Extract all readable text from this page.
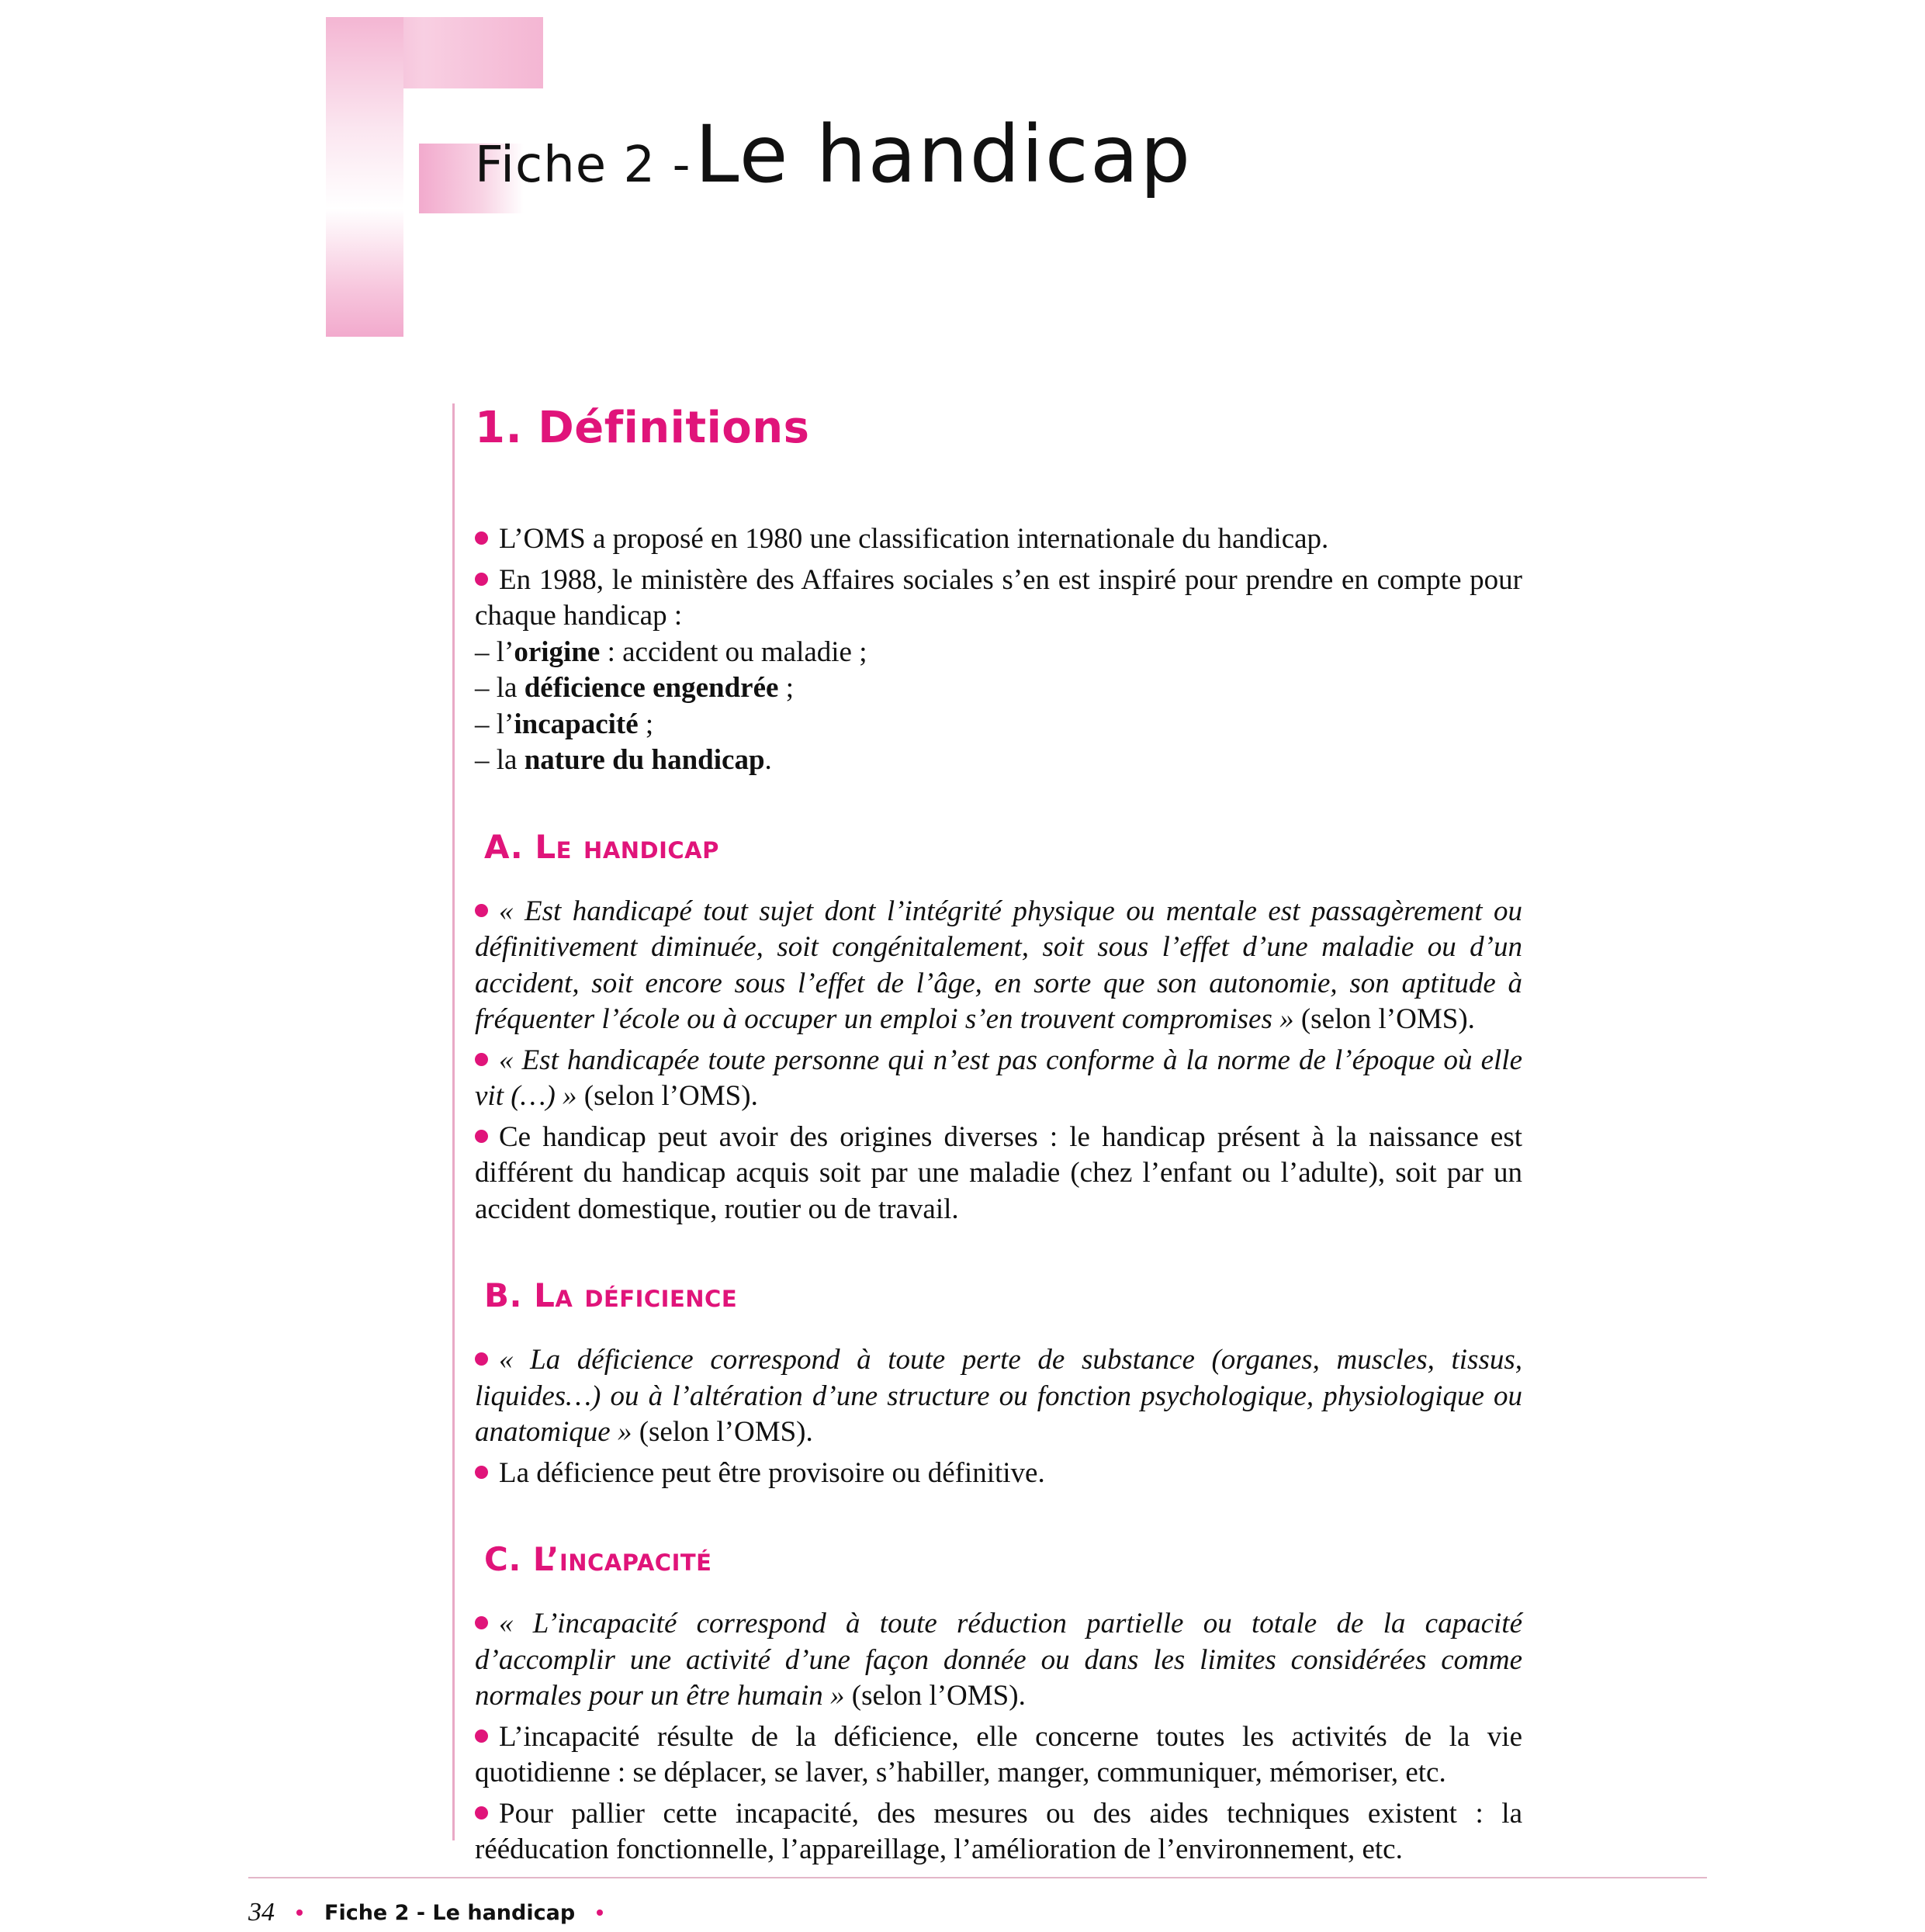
Fiche 2 - Le handicap
1. Définitions

L’OMS a proposé en 1980 une classification internationale du handicap.

En 1988, le ministère des Affaires sociales s’en est inspiré pour prendre en compte pour chaque handicap :

– l’origine : accident ou maladie ;

– la déficience engendrée ;

– l’incapacité ;

– la nature du handicap.

A. Le handicap

« Est handicapé tout sujet dont l’intégrité physique ou mentale est passagèrement ou définitivement diminuée, soit congénitalement, soit sous l’effet d’une maladie ou d’un accident, soit encore sous l’effet de l’âge, en sorte que son autonomie, son aptitude à fréquenter l’école ou à occuper un emploi s’en trouvent compromises » (selon l’OMS).

« Est handicapée toute personne qui n’est pas conforme à la norme de l’époque où elle vit (…) » (selon l’OMS).

Ce handicap peut avoir des origines diverses : le handicap présent à la naissance est différent du handicap acquis soit par une maladie (chez l’enfant ou l’adulte), soit par un accident domestique, routier ou de travail.

B. La déficience

« La déficience correspond à toute perte de substance (organes, muscles, tissus, liquides…) ou à l’altération d’une structure ou fonction psychologique, physiologique ou anatomique » (selon l’OMS).

La déficience peut être provisoire ou définitive.

C. L’incapacité

« L’incapacité correspond à toute réduction partielle ou totale de la capacité d’accomplir une activité d’une façon donnée ou dans les limites considérées comme normales pour un être humain » (selon l’OMS).

L’incapacité résulte de la déficience, elle concerne toutes les activités de la vie quotidienne : se déplacer, se laver, s’habiller, manger, communiquer, mémoriser, etc.

Pour pallier cette incapacité, des mesures ou des aides techniques existent : la rééducation fonctionnelle, l’appareillage, l’amélioration de l’environnement, etc.

34 Fiche 2 - Le handicap
